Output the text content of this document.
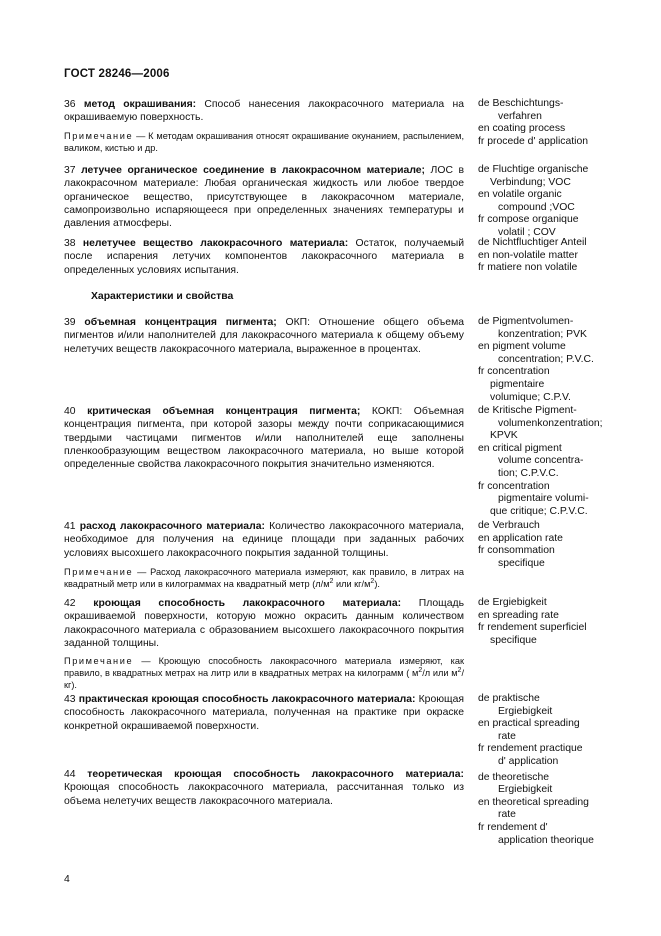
ГОСТ 28246—2006
36 метод окрашивания: Способ нанесения лакокрасочного материала на окрашиваемую поверхность.
Примечание — К методам окрашивания относят окрашивание окунанием, распылением, валиком, кистью и др.
37 летучее органическое соединение в лакокрасочном материале; ЛОС в лакокрасочном материале: Любая органическая жидкость или любое твердое органическое вещество, присутствующее в лакокрасочном материале, самопроизвольно испаряющееся при определенных значениях температуры и давления атмосферы.
38 нелетучее вещество лакокрасочного материала: Остаток, получаемый после испарения летучих компонентов лакокрасочного материала в определенных условиях испытания.
Характеристики и свойства
39 объемная концентрация пигмента; ОКП: Отношение общего объема пигментов и/или наполнителей для лакокрасочного материала к общему объему нелетучих веществ лакокрасочного материала, выраженное в процентах.
40 критическая объемная концентрация пигмента; КОКП: Объемная концентрация пигмента, при которой зазоры между почти соприкасающимися твердыми частицами пигментов и/или наполнителей еще заполнены пленкообразующим веществом лакокрасочного материала, но выше которой определенные свойства лакокрасочного покрытия значительно изменяются.
41 расход лакокрасочного материала: Количество лакокрасочного материала, необходимое для получения на единице площади при заданных рабочих условиях высохшего лакокрасочного покрытия заданной толщины.
Примечание — Расход лакокрасочного материала измеряют, как правило, в литрах на квадратный метр или в килограммах на квадратный метр ($л/м^2$ или $кг/м^2$).
42 кроющая способность лакокрасочного материала: Площадь окрашиваемой поверхности, которую можно окрасить данным количеством лакокрасочного материала с образованием высохшего лакокрасочного покрытия заданной толщины.
Примечание — Кроющую способность лакокрасочного материала измеряют, как правило, в квадратных метрах на литр или в квадратных метрах на килограмм ( $м^2/л$ или $м^2/кг$).
43 практическая кроющая способность лакокрасочного материала: Кроющая способность лакокрасочного материала, полученная на практике при окраске конкретной окрашиваемой поверхности.
44 теоретическая кроющая способность лакокрасочного материала: Кроющая способность лакокрасочного материала, рассчитанная только из объема нелетучих веществ лакокрасочного материала.
de Beschichtungs-
verfahren
en coating process
fr procede d' application
de Fluchtige organische
Verbindung; VOC
en volatile organic
compound ;VOC
fr compose organique
volatil ; COV
de Nichtfluchtiger Anteil
en non-volatile matter
fr matiere non volatile
de Pigmentvolumen-
konzentration; PVK
en pigment volume
concentration; P.V.C.
fr concentration
pigmentaire
volumique; C.P.V.
de Kritische Pigment-
volumenkonzentration;
KPVK
en critical pigment
volume concentra-
tion; C.P.V.C.
fr concentration
pigmentaire volumi-
que critique; C.P.V.C.
de Verbrauch
en application rate
fr consommation
specifique
de Ergiebigkeit
en spreading rate
fr rendement superficiel
specifique
de praktische
Ergiebigkeit
en practical spreading
rate
fr rendement practique
d' application
de theoretische
Ergiebigkeit
en theoretical spreading
rate
fr rendement d'
application theorique
4
